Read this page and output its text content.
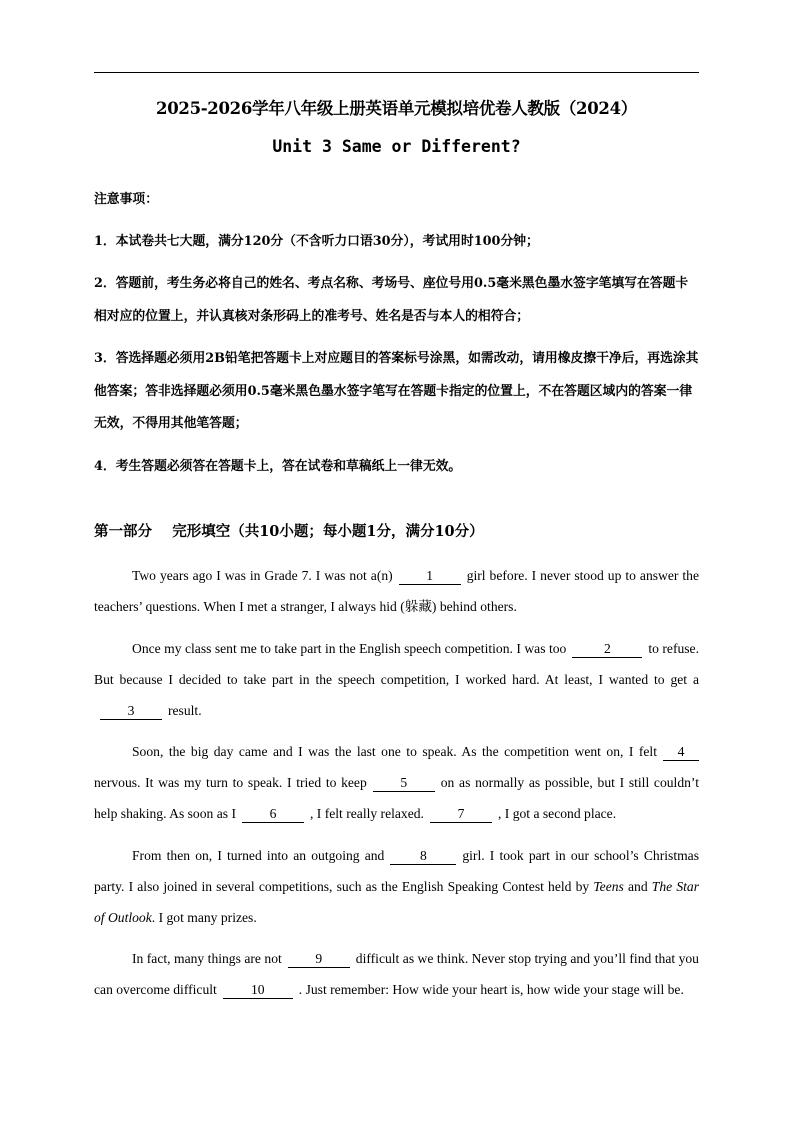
2025-2026学年八年级上册英语单元模拟培优卷人教版（2024）
Unit 3 Same or Different?

注意事项：

1．本试卷共七大题，满分120分（不含听力口语30分），考试用时100分钟；

2．答题前，考生务必将自己的姓名、考点名称、考场号、座位号用0.5毫米黑色墨水签字笔填写在答题卡相对应的位置上，并认真核对条形码上的准考号、姓名是否与本人的相符合；

3．答选择题必须用2B铅笔把答题卡上对应题目的答案标号涂黑，如需改动，请用橡皮擦干净后，再选涂其他答案；答非选择题必须用0.5毫米黑色墨水签字笔写在答题卡指定的位置上，不在答题区域内的答案一律无效，不得用其他笔答题；

4．考生答题必须答在答题卡上，答在试卷和草稿纸上一律无效。

第一部分    完形填空（共10小题；每小题1分，满分10分）

Two years ago I was in Grade 7. I was not a(n) 1 girl before. I never stood up to answer the teachers’ questions. When I met a stranger, I always hid (躲藏) behind others.

Once my class sent me to take part in the English speech competition. I was too	2	to refuse. But because I decided to take part in the speech competition, I worked hard. At least, I wanted to get a3 result.

Soon, the big day came and I was the last one to speak. As the competition went on, I felt 4 nervous. It was my turn to speak. I tried to keep 5 on as normally as possible, but I still couldn’t help shaking. As soon as I 6 , I felt really relaxed. 7 , I got a second place.

From then on, I turned into an outgoing and	8	girl. I took part in our school’s Christmas party. I also joined in several competitions, such as the English Speaking Contest held by Teens and The Star of Outlook. I got many prizes.

In fact, many things are not 9 difficult as we think. Never stop trying and you’ll find that you can overcome difficult	10	. Just remember: How wide your heart is, how wide your stage will be.
